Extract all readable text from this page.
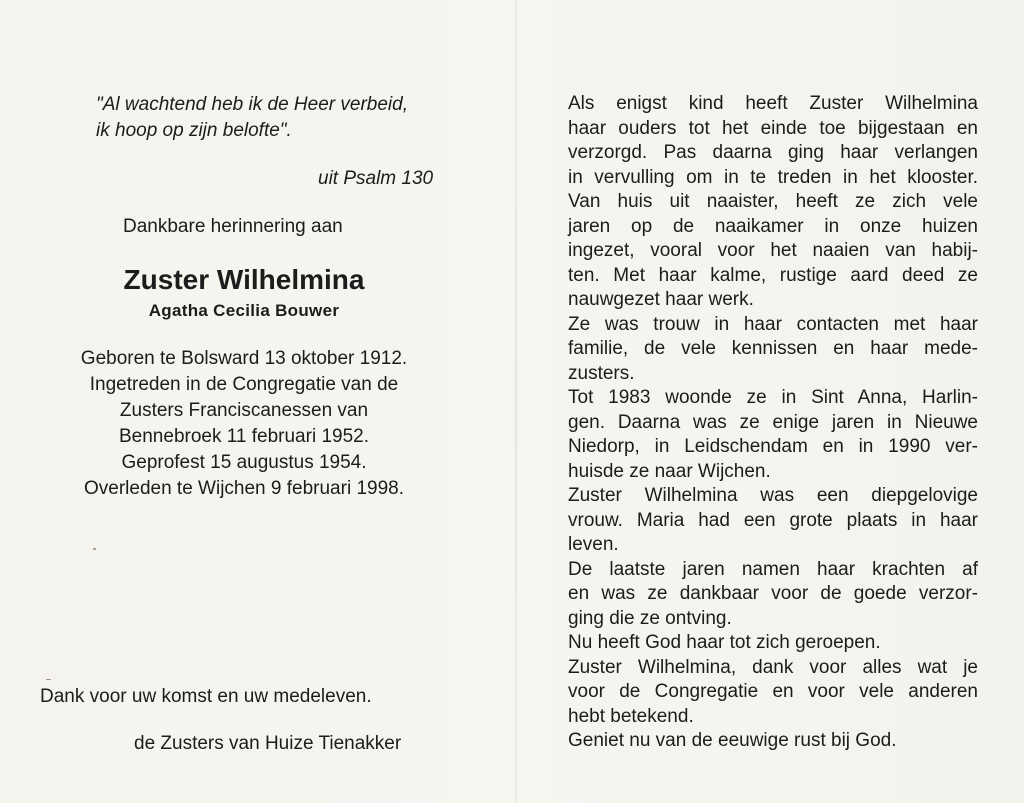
"Al wachtend heb ik de Heer verbeid,
ik hoop op zijn belofte".
uit Psalm 130
Dankbare herinnering aan
Zuster Wilhelmina
Agatha Cecilia Bouwer
Geboren te Bolsward 13 oktober 1912.
Ingetreden in de Congregatie van de
Zusters Franciscanessen van
Bennebroek 11 februari 1952.
Geprofest 15 augustus 1954.
Overleden te Wijchen 9 februari 1998.
Dank voor uw komst en uw medeleven.
de Zusters van Huize Tienakker
Als enigst kind heeft Zuster Wilhelmina
haar ouders tot het einde toe bijgestaan en
verzorgd. Pas daarna ging haar verlangen
in vervulling om in te treden in het klooster.
Van huis uit naaister, heeft ze zich vele
jaren op de naaikamer in onze huizen
ingezet, vooral voor het naaien van habij-
ten. Met haar kalme, rustige aard deed ze
nauwgezet haar werk.
Ze was trouw in haar contacten met haar
familie, de vele kennissen en haar mede-
zusters.
Tot 1983 woonde ze in Sint Anna, Harlin-
gen. Daarna was ze enige jaren in Nieuwe
Niedorp, in Leidschendam en in 1990 ver-
huisde ze naar Wijchen.
Zuster Wilhelmina was een diepgelovige
vrouw. Maria had een grote plaats in haar
leven.
De laatste jaren namen haar krachten af
en was ze dankbaar voor de goede verzor-
ging die ze ontving.
Nu heeft God haar tot zich geroepen.
Zuster Wilhelmina, dank voor alles wat je
voor de Congregatie en voor vele anderen
hebt betekend.
Geniet nu van de eeuwige rust bij God.
